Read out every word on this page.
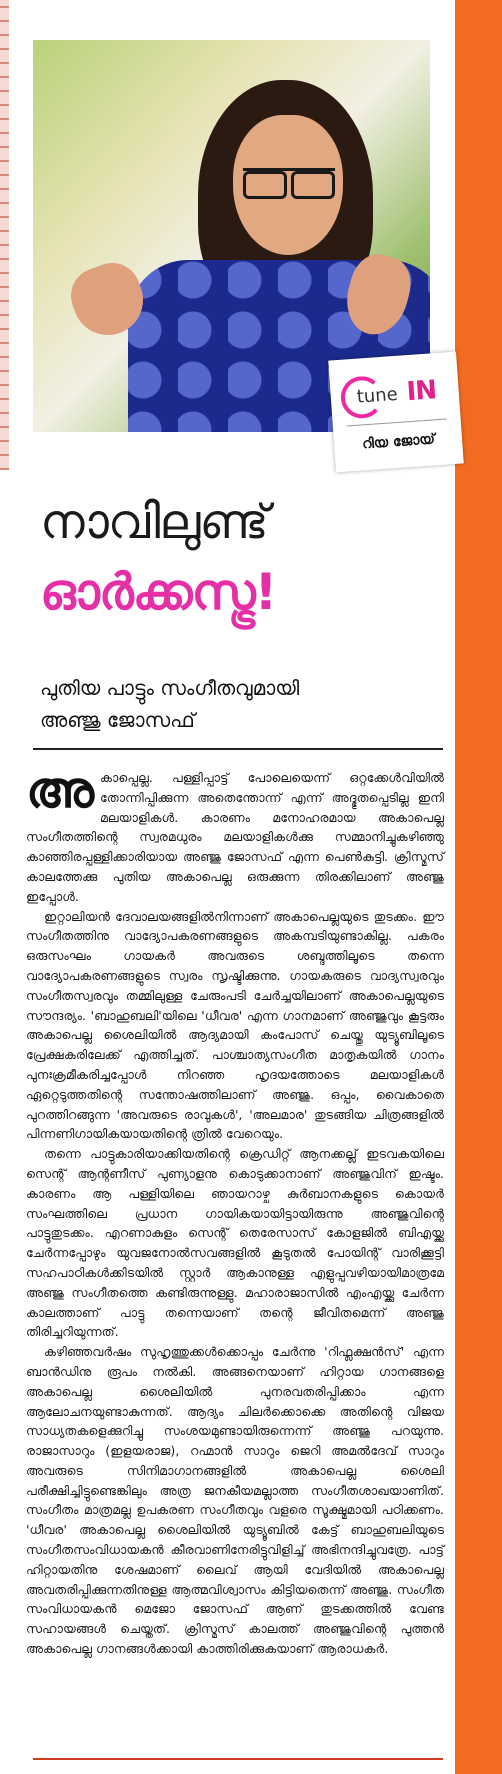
tune IN
റിയ ജോയ്
നാവിലുണ്ട്
ഓർക്കസ്ട്ര!
പുതിയ പാട്ടും സംഗീതവുമായി
അഞ്ജു ജോസഫ്

അകാപ്പെല്ല. പള്ളിപ്പാട്ട് പോലെയെന്ന് ഒറ്റക്കേൾവിയിൽ തോന്നിപ്പിക്കുന്ന അതെന്തോന്ന് എന്ന് അദ്ഭുതപ്പെടില്ല ഇനി മലയാളികൾ. കാരണം മനോഹരമായ അകാപെല്ല സംഗീതത്തിന്റെ സ്വരമധുരം മലയാളികൾക്കു സമ്മാനിച്ചുകഴിഞ്ഞു കാഞ്ഞിരപ്പള്ളിക്കാരിയായ അഞ്ജു ജോസഫ് എന്ന പെൺകുട്ടി. ക്രിസ്മസ് കാലത്തേക്കു പുതിയ അകാപെല്ല ഒരുക്കുന്ന തിരക്കിലാണ് അഞ്ജു ഇപ്പോൾ.

ഇറ്റാലിയൻ ദേവാലയങ്ങളിൽനിന്നാണ് അകാപെല്ലയുടെ തുടക്കം. ഈ സംഗീതത്തിനു വാദ്യോപകരണങ്ങളുടെ അകമ്പടിയുണ്ടാകില്ല. പകരം ഒരുസംഘം ഗായകർ അവരുടെ ശബ്ദത്തിലൂടെ തന്നെ വാദ്യോപകരണങ്ങളുടെ സ്വരം സൃഷ്ടിക്കുന്നു. ഗായകരുടെ വാദ്യസ്വരവും സംഗീതസ്വരവും തമ്മിലുള്ള ചേരുംപടി ചേർച്ചയിലാണ് അകാപെല്ലയുടെ സൗന്ദര്യം. 'ബാഹുബലി'യിലെ 'ധീവര' എന്ന ഗാനമാണ് അഞ്ജുവും കൂട്ടരും അകാപെല്ല ശൈലിയിൽ ആദ്യമായി കംപോസ് ചെയ്തു യുട്യൂബിലൂടെ പ്രേക്ഷകരിലേക്ക് എത്തിച്ചത്. പാശ്ചാത്യസംഗീത മാതൃകയിൽ ഗാനം പുനഃക്രമീകരിച്ചപ്പോൾ നിറഞ്ഞ ഹൃദയത്തോടെ മലയാളികൾ ഏറ്റെടുത്തതിന്റെ സന്തോഷത്തിലാണ് അഞ്ജു. ഒപ്പം, വൈകാതെ പുറത്തിറങ്ങുന്ന 'അവരുടെ രാവുകൾ', 'അലമാര' തുടങ്ങിയ ചിത്രങ്ങളിൽ പിന്നണിഗായികയായതിന്റെ ത്രിൽ വേറെയും.

തന്നെ പാട്ടുകാരിയാക്കിയതിന്റെ ക്രെഡിറ്റ് ആനക്കല്ല് ഇടവകയിലെ സെന്റ് ആന്റണീസ് പുണ്യാളനു കൊടുക്കാനാണ് അഞ്ജുവിന് ഇഷ്ടം. കാരണം ആ പള്ളിയിലെ ഞായറാഴ്ച കുർബാനകളുടെ കൊയർ സംഘത്തിലെ പ്രധാന ഗായികയായിട്ടായിരുന്നു അഞ്ജുവിന്റെ പാട്ടുതുടക്കം. എറണാകുളം സെന്റ് തെരേസാസ് കോളജിൽ ബിഎയ്ക്കു ചേർന്നപ്പോഴും യുവജനോൽസവങ്ങളിൽ കൂടുതൽ പോയിന്റ് വാരിക്കൂട്ടി സഹപാഠികൾക്കിടയിൽ സ്റ്റാർ ആകാനുള്ള എളുപ്പവഴിയായിമാത്രമേ അഞ്ജു സംഗീതത്തെ കണ്ടിരുന്നുള്ളു. മഹാരാജാസിൽ എംഎയ്ക്കു ചേർന്ന കാലത്താണ് പാട്ടു തന്നെയാണ് തന്റെ ജീവിതമെന്ന് അഞ്ജു തിരിച്ചറിയുന്നത്.

കഴിഞ്ഞവർഷം സുഹൃത്തുക്കൾക്കൊപ്പം ചേർന്നു 'റിഫ്ലക്ഷൻസ്' എന്ന ബാൻഡിനു രൂപം നൽകി. അങ്ങനെയാണ് ഹിറ്റായ ഗാനങ്ങളെ അകാപെല്ല ശൈലിയിൽ പുനരവതരിപ്പിക്കാം എന്ന ആലോചനയുണ്ടാകുന്നത്. ആദ്യം ചിലർക്കൊക്കെ അതിന്റെ വിജയ സാധ്യതകളെക്കുറിച്ചു സംശയമുണ്ടായിരുന്നെന്ന് അഞ്ജു പറയുന്നു. രാജാസാറും (ഇളയരാജ), റഹ്മാൻ സാറും ജെറി അമൽദേവ് സാറും അവരുടെ സിനിമാഗാനങ്ങളിൽ അകാപെല്ല ശൈലി പരീക്ഷിച്ചിട്ടുണ്ടെങ്കിലും അത്ര ജനകീയമല്ലാത്ത സംഗീതശാഖയാണിത്. സംഗീതം മാത്രമല്ല ഉപകരണ സംഗീതവും വളരെ സൂക്ഷ്മമായി പഠിക്കണം. 'ധീവര' അകാപെല്ല ശൈലിയിൽ യുട്യൂബിൽ കേട്ട് ബാഹുബലിയുടെ സംഗീതസംവിധായകൻ കീരവാണിനേരിട്ടുവിളിച്ച് അഭിനന്ദിച്ചുവത്രേ. പാട്ട് ഹിറ്റായതിനു ശേഷമാണ് ലൈവ് ആയി വേദിയിൽ അകാപെല്ല അവതരിപ്പിക്കുന്നതിനുള്ള ആത്മവിശ്വാസം കിട്ടിയതെന്ന് അഞ്ജു. സംഗീത സംവിധായകൻ മെജോ ജോസഫ് ആണ് തുടക്കത്തിൽ വേണ്ട സഹായങ്ങൾ ചെയ്തത്. ക്രിസ്മസ് കാലത്ത് അഞ്ജുവിന്റെ പുത്തൻ അകാപെല്ല ഗാനങ്ങൾക്കായി കാത്തിരിക്കുകയാണ് ആരാധകർ.
